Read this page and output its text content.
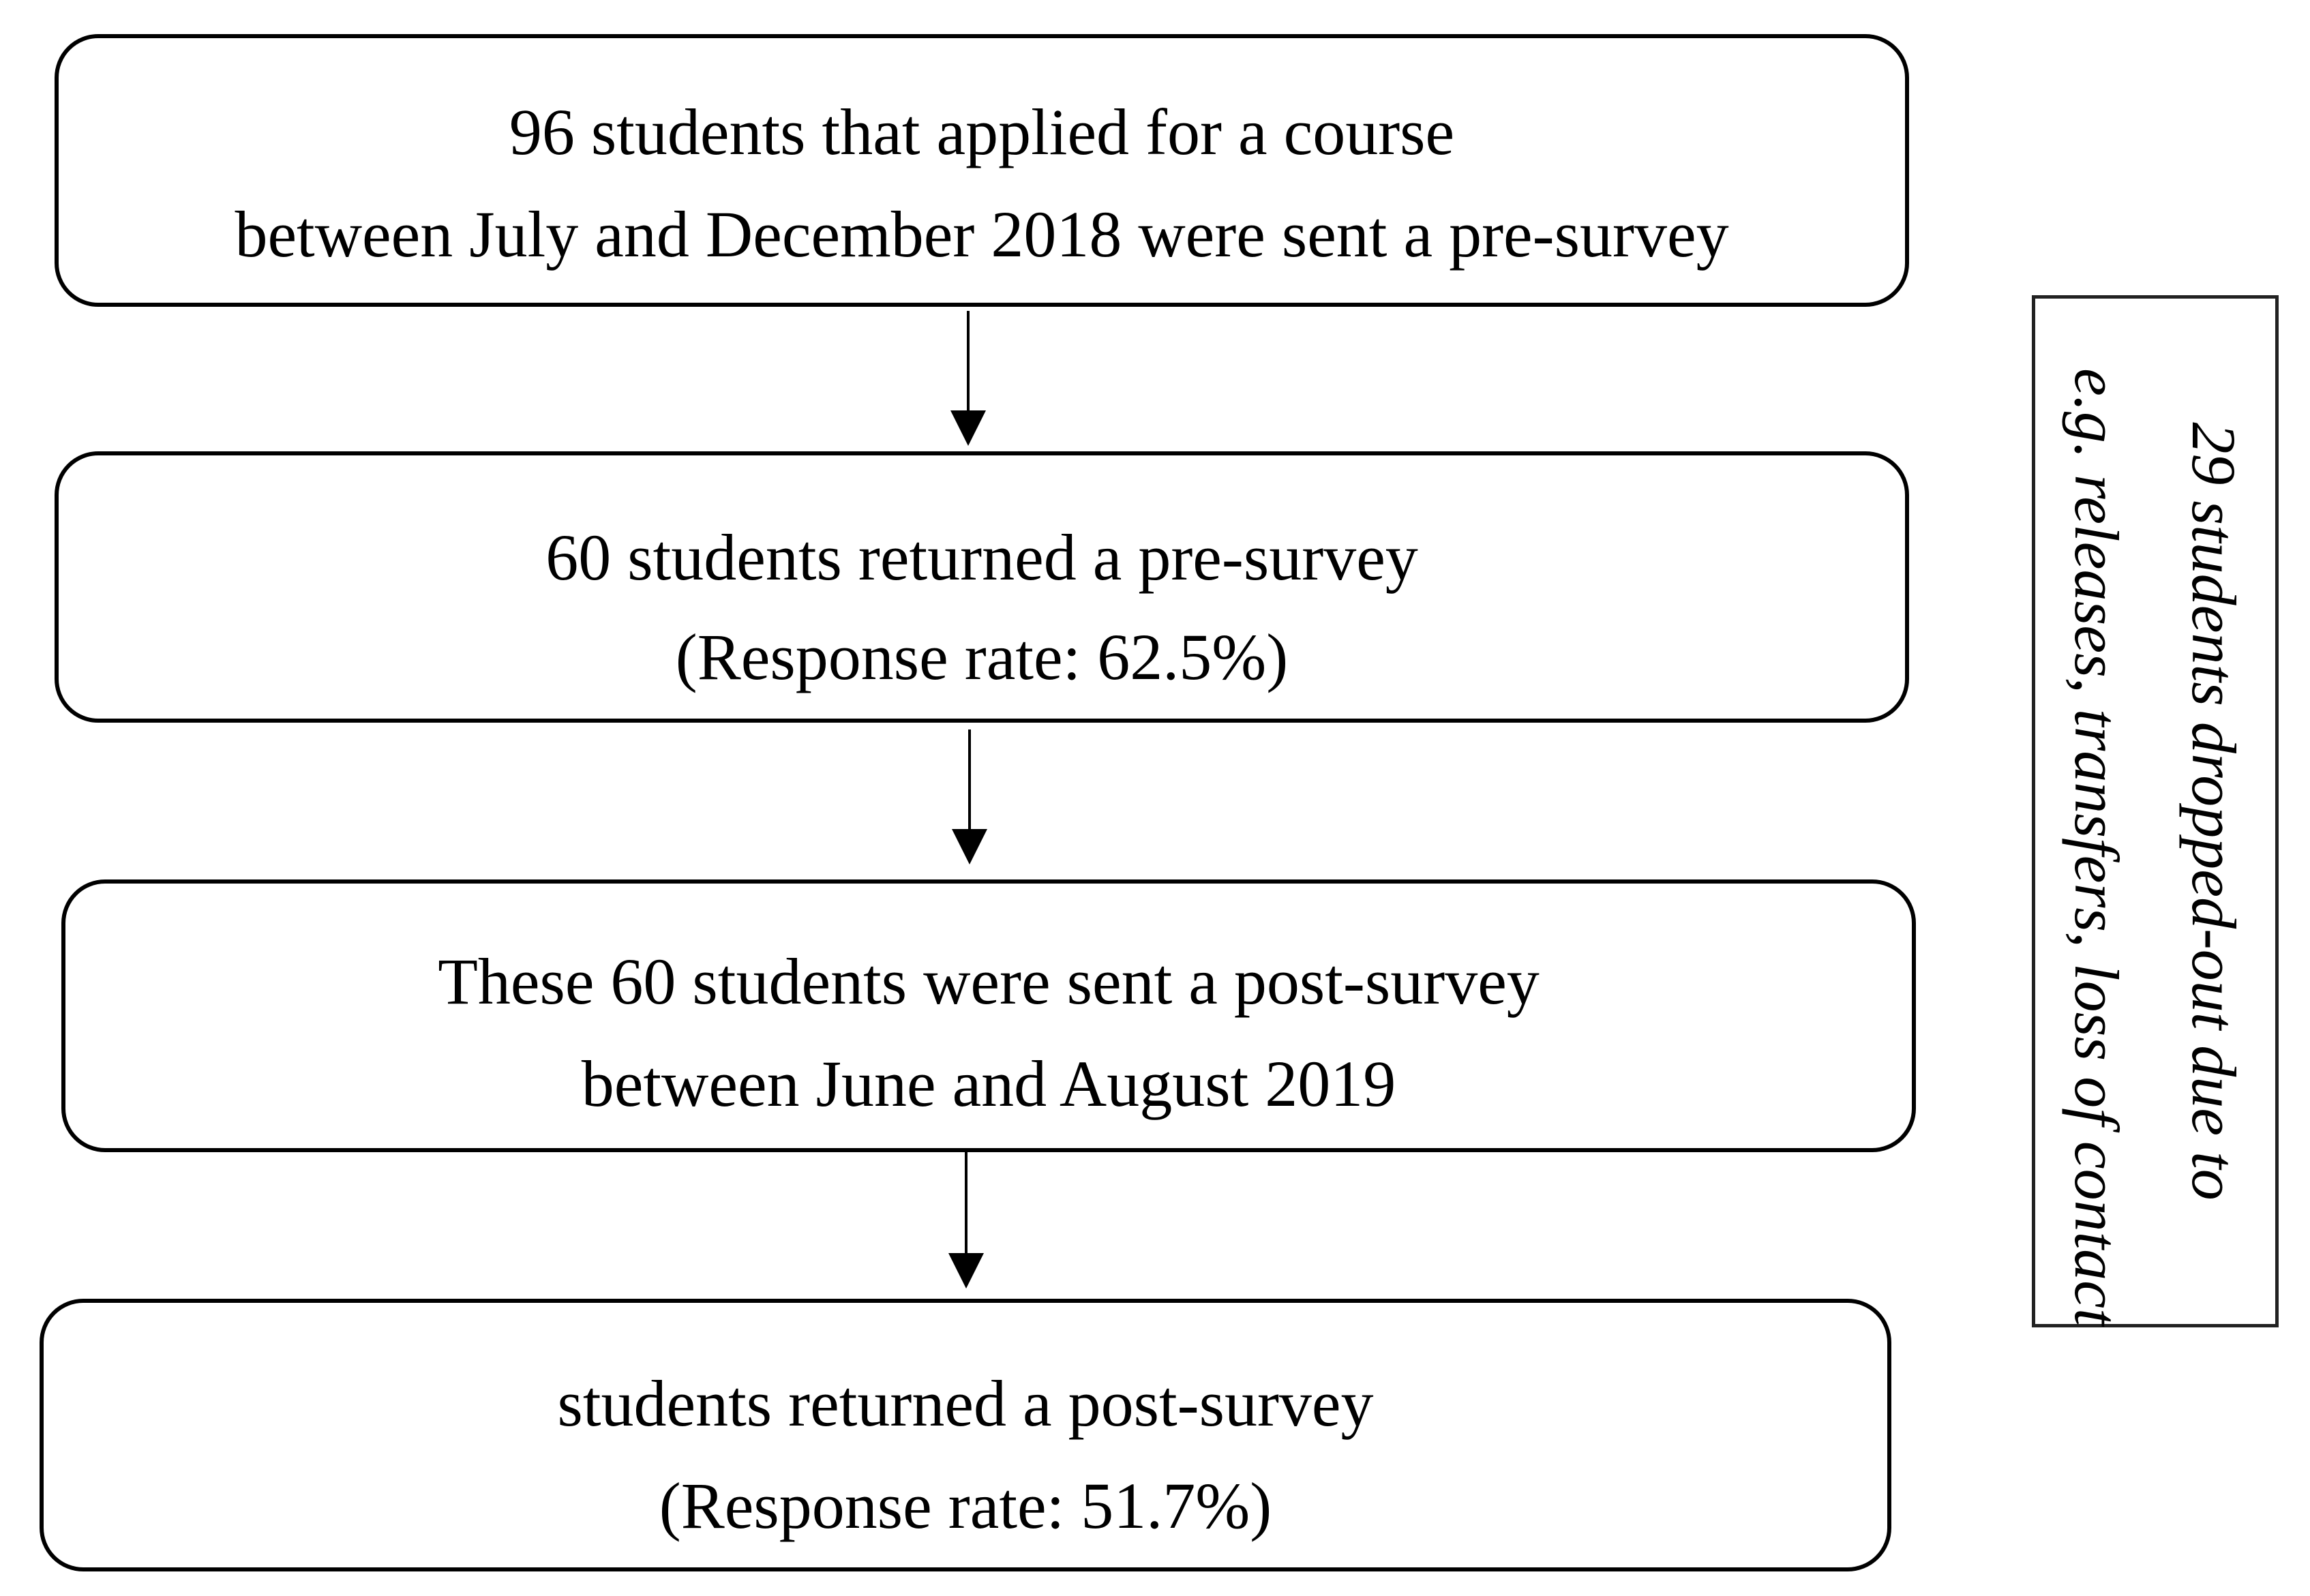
96 students that applied for a course
between July and December 2018 were sent a pre-survey
60 students returned a pre-survey
(Response rate: 62.5%)
These 60 students were sent a post-survey
between June and August 2019
students returned a post-survey
(Response rate: 51.7%)
29 students dropped-out due to
e.g. releases, transfers, loss of contact
